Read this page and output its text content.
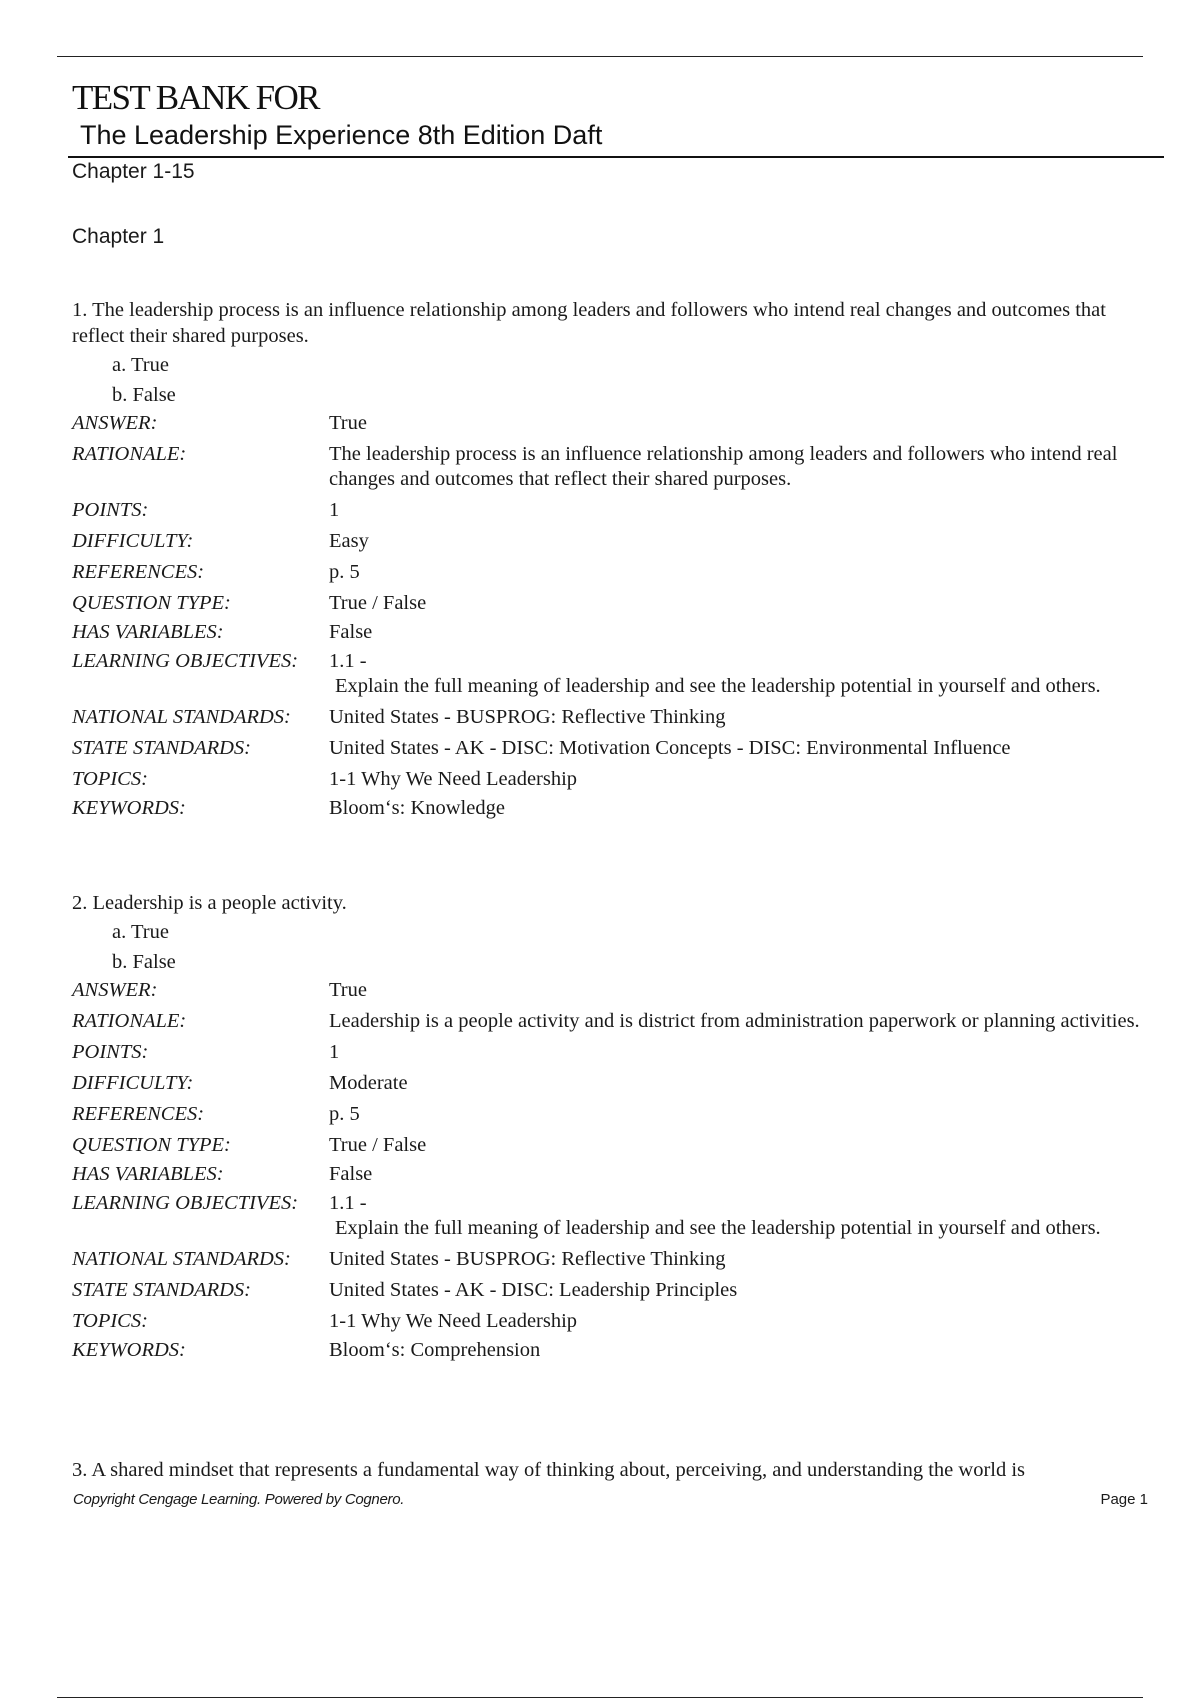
TEST BANK FOR
The Leadership Experience 8th Edition Daft
Chapter 1-15
Chapter 1
1. The leadership process is an influence relationship among leaders and followers who intend real changes and outcomes that reflect their shared purposes.
a. True
b. False
ANSWER:	True
RATIONALE:	The leadership process is an influence relationship among leaders and followers who intend real changes and outcomes that reflect their shared purposes.
POINTS:	1
DIFFICULTY:	Easy
REFERENCES:	p. 5
QUESTION TYPE:	True / False
HAS VARIABLES:	False
LEARNING OBJECTIVES:	1.1 -
Explain the full meaning of leadership and see the leadership potential in yourself and others.
NATIONAL STANDARDS:	United States - BUSPROG: Reflective Thinking
STATE STANDARDS:	United States - AK - DISC: Motivation Concepts - DISC: Environmental Influence
TOPICS:	1-1 Why We Need Leadership
KEYWORDS:	Bloom‘s: Knowledge
2. Leadership is a people activity.
a. True
b. False
ANSWER:	True
RATIONALE:	Leadership is a people activity and is district from administration paperwork or planning activities.
POINTS:	1
DIFFICULTY:	Moderate
REFERENCES:	p. 5
QUESTION TYPE:	True / False
HAS VARIABLES:	False
LEARNING OBJECTIVES:	1.1 -
Explain the full meaning of leadership and see the leadership potential in yourself and others.
NATIONAL STANDARDS:	United States - BUSPROG: Reflective Thinking
STATE STANDARDS:	United States - AK - DISC: Leadership Principles
TOPICS:	1-1 Why We Need Leadership
KEYWORDS:	Bloom‘s: Comprehension
3. A shared mindset that represents a fundamental way of thinking about, perceiving, and understanding the world is
Copyright Cengage Learning. Powered by Cognero.	Page 1
